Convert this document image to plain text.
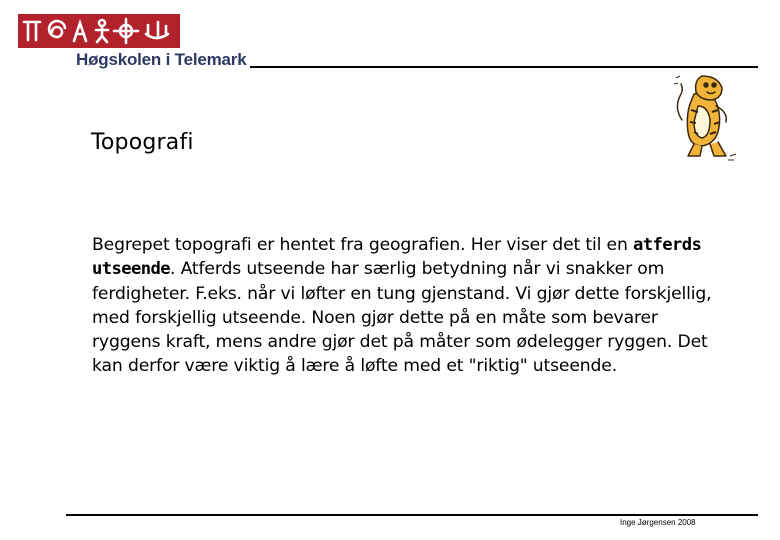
Høgskolen i Telemark
Topografi

Begrepet topografi er hentet fra geografien. Her viser det til en atferds utseende. Atferds utseende har særlig betydning når vi snakker om ferdigheter. F.eks. når vi løfter en tung gjenstand. Vi gjør dette forskjellig, med forskjellig utseende. Noen gjør dette på en måte som bevarer ryggens kraft, mens andre gjør det på måter som ødelegger ryggen. Det kan derfor være viktig å lære å løfte med et "riktig" utseende.

Inge Jørgensen 2008
